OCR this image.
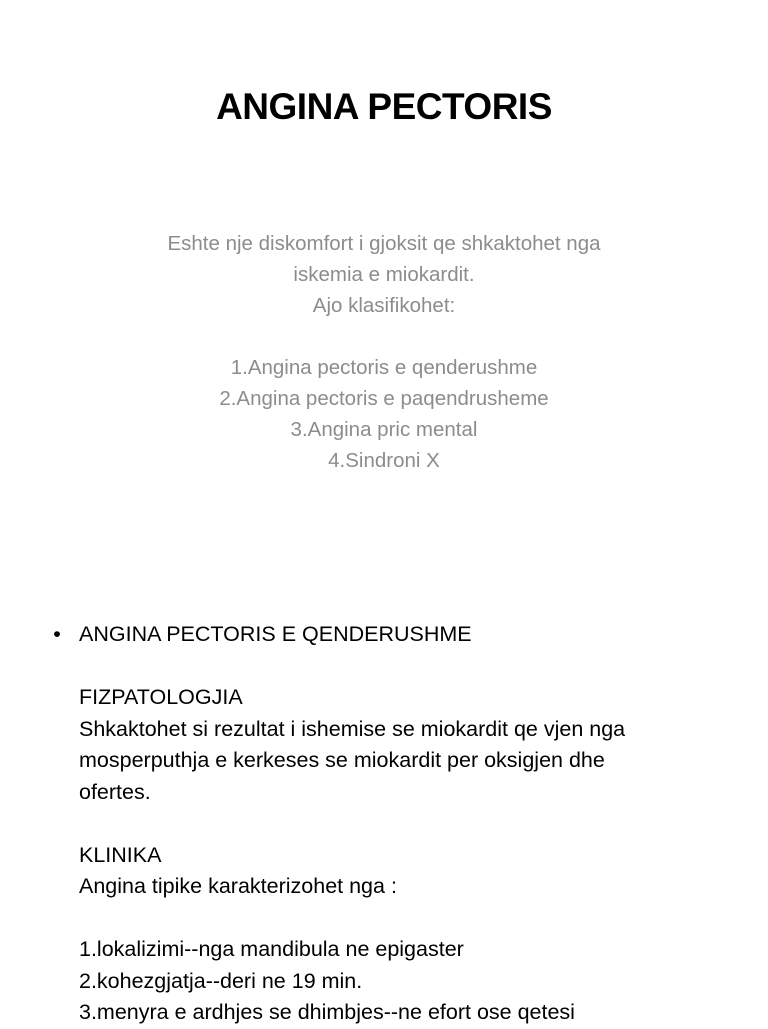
ANGINA PECTORIS
Eshte nje diskomfort i gjoksit qe shkaktohet nga
iskemia e miokardit.
Ajo klasifikohet:
1.Angina pectoris e qenderushme
2.Angina pectoris e paqendrusheme
3.Angina pric mental
4.Sindroni X
• ANGINA PECTORIS E QENDERUSHME
FIZPATOLOGJIA
Shkaktohet si rezultat i ishemise se miokardit qe vjen nga
mosperputhja e kerkeses se miokardit per oksigjen dhe
ofertes.
KLINIKA
Angina tipike karakterizohet nga :
1.lokalizimi--nga mandibula ne epigaster
2.kohezgjatja--deri ne 19 min.
3.menyra e ardhjes se dhimbjes--ne efort ose qetesi
